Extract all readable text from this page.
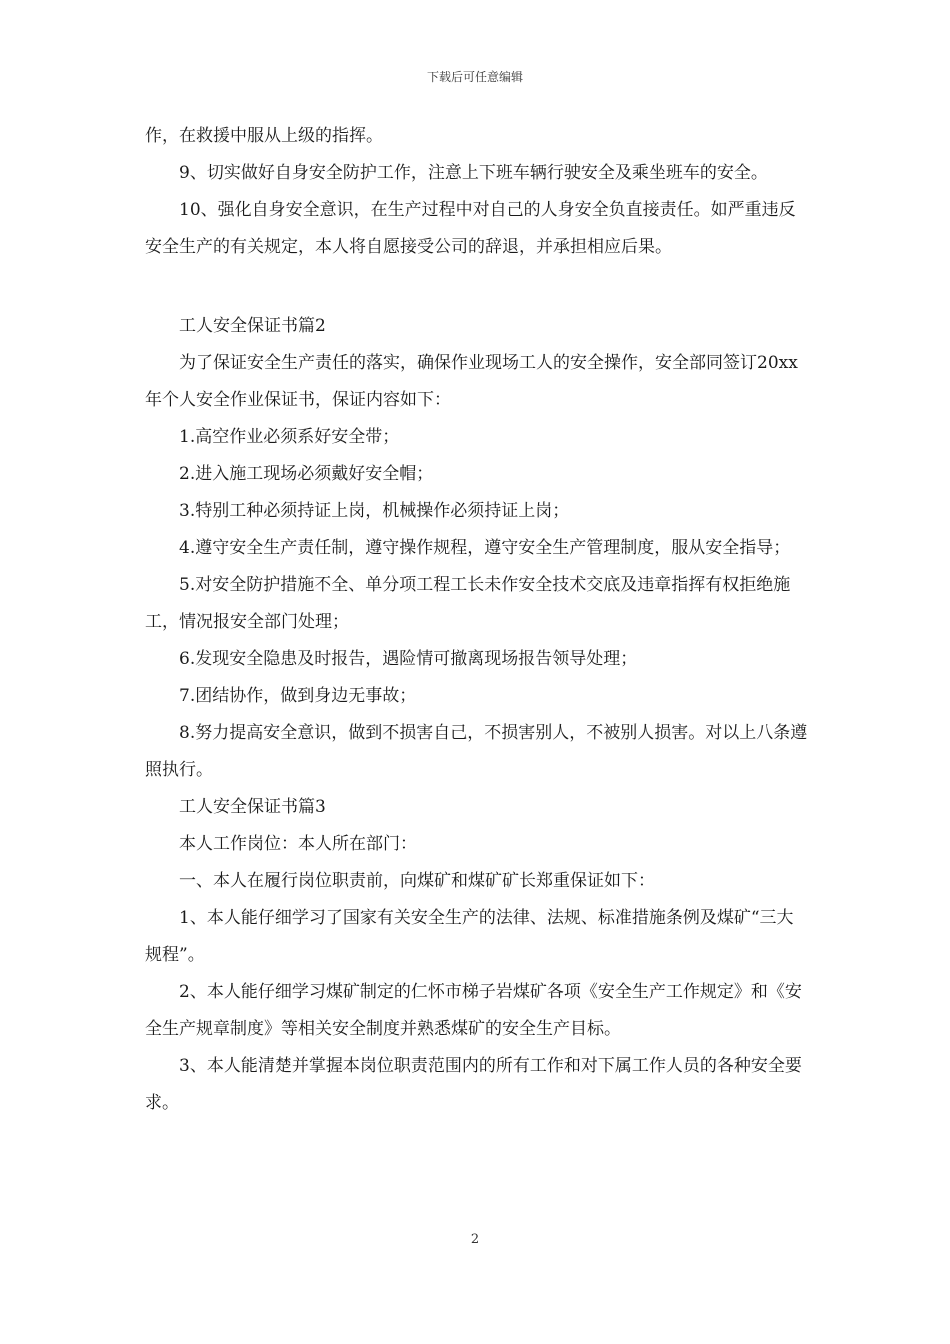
下载后可任意编辑

作，在救援中服从上级的指挥。

9、切实做好自身安全防护工作，注意上下班车辆行驶安全及乘坐班车的安全。

10、强化自身安全意识，在生产过程中对自己的人身安全负直接责任。如严重违反安全生产的有关规定，本人将自愿接受公司的辞退，并承担相应后果。

工人安全保证书篇2

为了保证安全生产责任的落实，确保作业现场工人的安全操作，安全部同签订20xx年个人安全作业保证书，保证内容如下：

1.高空作业必须系好安全带；

2.进入施工现场必须戴好安全帽；

3.特别工种必须持证上岗，机械操作必须持证上岗；

4.遵守安全生产责任制，遵守操作规程，遵守安全生产管理制度，服从安全指导；

5.对安全防护措施不全、单分项工程工长未作安全技术交底及违章指挥有权拒绝施工，情况报安全部门处理；

6.发现安全隐患及时报告，遇险情可撤离现场报告领导处理；

7.团结协作，做到身边无事故；

8.努力提高安全意识，做到不损害自己，不损害别人，不被别人损害。对以上八条遵照执行。

工人安全保证书篇3

本人工作岗位：本人所在部门：

一、本人在履行岗位职责前，向煤矿和煤矿矿长郑重保证如下：

1、本人能仔细学习了国家有关安全生产的法律、法规、标准措施条例及煤矿“三大规程”。

2、本人能仔细学习煤矿制定的仁怀市梯子岩煤矿各项《安全生产工作规定》和《安全生产规章制度》等相关安全制度并熟悉煤矿的安全生产目标。

3、本人能清楚并掌握本岗位职责范围内的所有工作和对下属工作人员的各种安全要求。

2
